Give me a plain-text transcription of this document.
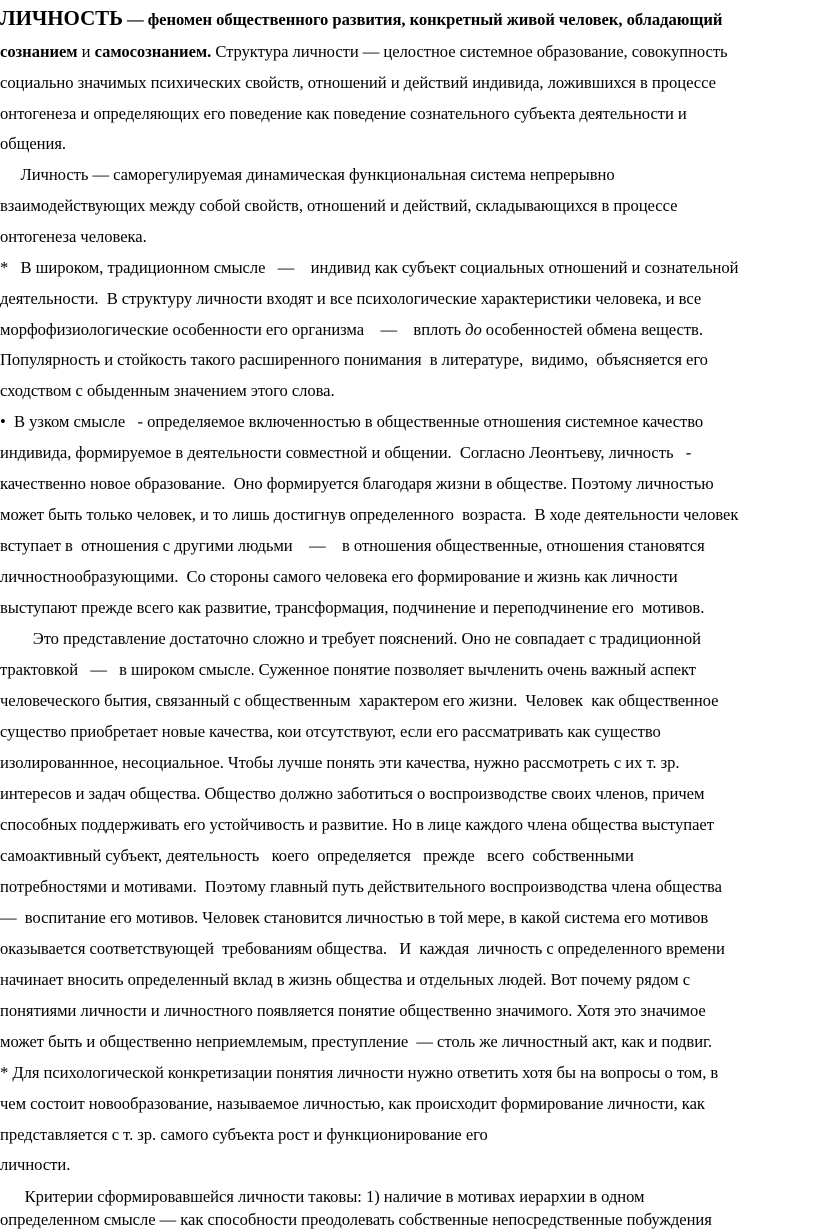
ЛИЧНОСТЬ — феномен общественного развития, конкретный живой человек, обладающий
сознанием и самосознанием. Структура личности — целостное системное образование, совокупность
социально значимых психических свойств, отношений и действий индивида, ложившихся в процессе
онтогенеза и определяющих его поведение как поведение сознательного субъекта деятельности и
общения.
Личность — саморегулируемая динамическая функциональная система непрерывно
взаимодействующих между собой свойств, отношений и действий, складывающихся в процессе
онтогенеза человека.
*   В широком, традиционном смысле   —    индивид как субъект социальных отношений и сознательной
деятельности.  В структуру личности входят и все психологические характеристики человека, и все
морфофизиологические особенности его организма    —    вплоть до особенностей обмена веществ.
Популярность и стойкость такого расширенного понимания  в литературе,  видимо,  объясняется его
сходством с обыденным значением этого слова.
•  В узком смысле   - определяемое включенностью в общественные отношения системное качество
индивида, формируемое в деятельности совместной и общении.  Согласно Леонтьеву, личность   -
качественно новое образование.  Оно формируется благодаря жизни в обществе. Поэтому личностью
может быть только человек, и то лишь достигнув определенного  возраста.  В ходе деятельности человек
вступает в  отношения с другими людьми    —    в отношения общественные, отношения становятся
личностнообразующими.  Со стороны самого человека его формирование и жизнь как личности
выступают прежде всего как развитие, трансформация, подчинение и переподчинение его  мотивов.
Это представление достаточно сложно и требует пояснений. Оно не совпадает с традиционной
трактовкой   —   в широком смысле. Суженное понятие позволяет вычленить очень важный аспект
человеческого бытия, связанный с общественным  характером его жизни.  Человек  как общественное
существо приобретает новые качества, кои отсутствуют, если его рассматривать как существо
изолированнное, несоциальное. Чтобы лучше понять эти качества, нужно рассмотреть с их т. зр.
интересов и задач общества. Общество должно заботиться о воспроизводстве своих членов, причем
способных поддерживать его устойчивость и развитие. Но в лице каждого члена общества выступает
самоактивный субъект, деятельность   коего  определяется   прежде   всего  собственными
потребностями и мотивами.  Поэтому главный путь действительного воспроизводства члена общества
—  воспитание его мотивов. Человек становится личностью в той мере, в какой система его мотивов
оказывается соответствующей  требованиям общества.   И  каждая  личность с определенного времени
начинает вносить определенный вклад в жизнь общества и отдельных людей. Вот почему рядом с
понятиями личности и личностного появляется понятие общественно значимого. Хотя это значимое
может быть и общественно неприемлемым, преступление  — столь же личностный акт, как и подвиг.
* Для психологической конкретизации понятия личности нужно ответить хотя бы на вопросы о том, в
чем состоит новообразование, называемое личностью, как происходит формирование личности, как
представляется с т. зр. самого субъекта рост и функционирование его
личности.
Критерии сформировавшейся личности таковы: 1) наличие в мотивах иерархии в одном
определенном смысле — как способности преодолевать собственные непосредственные побуждения
